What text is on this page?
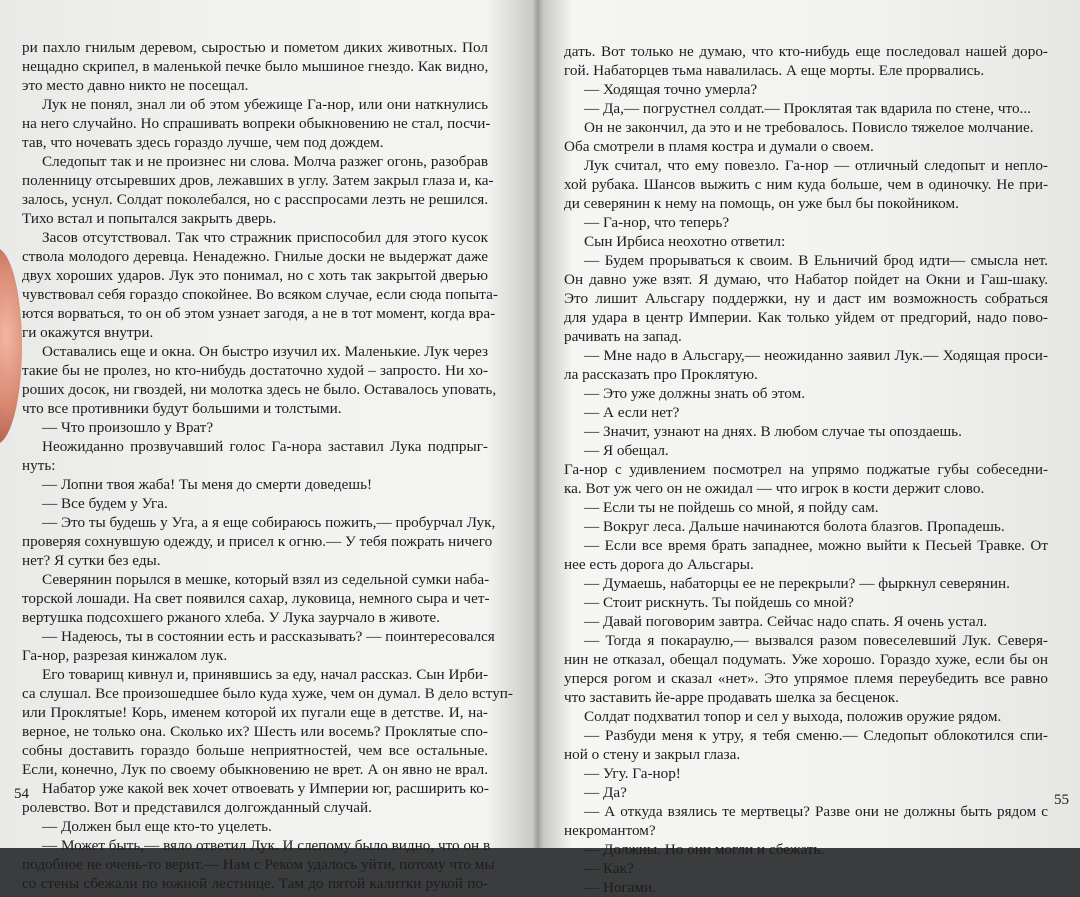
ри пахло гнилым деревом, сыростью и пометом диких животных. Пол
нещадно скрипел, в маленькой печке было мышиное гнездо. Как видно,
это место давно никто не посещал.
Лук не понял, знал ли об этом убежище Га-нор, или они наткнулись
на него случайно. Но спрашивать вопреки обыкновению не стал, посчи-
тав, что ночевать здесь гораздо лучше, чем под дождем.
Следопыт так и не произнес ни слова. Молча разжег огонь, разобрав
поленницу отсыревших дров, лежавших в углу. Затем закрыл глаза и, ка-
залось, уснул. Солдат поколебался, но с расспросами лезть не решился.
Тихо встал и попытался закрыть дверь.
Засов отсутствовал. Так что стражник приспособил для этого кусок
ствола молодого деревца. Ненадежно. Гнилые доски не выдержат даже
двух хороших ударов. Лук это понимал, но с хоть так закрытой дверью
чувствовал себя гораздо спокойнее. Во всяком случае, если сюда попыта-
ются ворваться, то он об этом узнает загодя, а не в тот момент, когда вра-
ги окажутся внутри.
Оставались еще и окна. Он быстро изучил их. Маленькие. Лук через
такие бы не пролез, но кто-нибудь достаточно худой – запросто. Ни хо-
роших досок, ни гвоздей, ни молотка здесь не было. Оставалось уповать,
что все противники будут большими и толстыми.
— Что произошло у Врат?
Неожиданно прозвучавший голос Га-нора заставил Лука подпрыг-
нуть:
— Лопни твоя жаба! Ты меня до смерти доведешь!
— Все будем у Уга.
— Это ты будешь у Уга, а я еще собираюсь пожить,— пробурчал Лук,
проверяя сохнувшую одежду, и присел к огню.— У тебя пожрать ничего
нет? Я сутки без еды.
Северянин порылся в мешке, который взял из седельной сумки наба-
торской лошади. На свет появился сахар, луковица, немного сыра и чет-
вертушка подсохшего ржаного хлеба. У Лука заурчало в животе.
— Надеюсь, ты в состоянии есть и рассказывать? — поинтересовался
Га-нор, разрезая кинжалом лук.
Его товарищ кивнул и, принявшись за еду, начал рассказ. Сын Ирби-
са слушал. Все произошедшее было куда хуже, чем он думал. В дело вступ-
или Проклятые! Корь, именем которой их пугали еще в детстве. И, на-
верное, не только она. Сколько их? Шесть или восемь? Проклятые спо-
собны доставить гораздо больше неприятностей, чем все остальные.
Если, конечно, Лук по своему обыкновению не врет. А он явно не врал.
Набатор уже какой век хочет отвоевать у Империи юг, расширить ко-
ролевство. Вот и представился долгожданный случай.
— Должен был еще кто-то уцелеть.
— Может быть,— вяло ответил Лук. И слепому было видно, что он в
подобное не очень-то верит.— Нам с Реком удалось уйти, потому что мы
со стены сбежали по южной лестнице. Там до пятой калитки рукой по-
54
дать. Вот только не думаю, что кто-нибудь еще последовал нашей доро-
гой. Набаторцев тьма навалилась. А еще морты. Еле прорвались.
— Ходящая точно умерла?
— Да,— погрустнел солдат.— Проклятая так вдарила по стене, что...
Он не закончил, да это и не требовалось. Повисло тяжелое молчание.
Оба смотрели в пламя костра и думали о своем.
Лук считал, что ему повезло. Га-нор — отличный следопыт и непло-
хой рубака. Шансов выжить с ним куда больше, чем в одиночку. Не при-
ди северянин к нему на помощь, он уже был бы покойником.
— Га-нор, что теперь?
Сын Ирбиса неохотно ответил:
— Будем прорываться к своим. В Ельничий брод идти— смысла нет.
Он давно уже взят. Я думаю, что Набатор пойдет на Окни и Гаш-шаку.
Это лишит Альсгару поддержки, ну и даст им возможность собраться
для удара в центр Империи. Как только уйдем от предгорий, надо пово-
рачивать на запад.
— Мне надо в Альсгару,— неожиданно заявил Лук.— Ходящая проси-
ла рассказать про Проклятую.
— Это уже должны знать об этом.
— А если нет?
— Значит, узнают на днях. В любом случае ты опоздаешь.
— Я обещал.
Га-нор с удивлением посмотрел на упрямо поджатые губы собеседни-
ка. Вот уж чего он не ожидал — что игрок в кости держит слово.
— Если ты не пойдешь со мной, я пойду сам.
— Вокруг леса. Дальше начинаются болота блазгов. Пропадешь.
— Если все время брать западнее, можно выйти к Песьей Травке. От
нее есть дорога до Альсгары.
— Думаешь, набаторцы ее не перекрыли? — фыркнул северянин.
— Стоит рискнуть. Ты пойдешь со мной?
— Давай поговорим завтра. Сейчас надо спать. Я очень устал.
— Тогда я покараулю,— вызвался разом повеселевший Лук. Северя-
нин не отказал, обещал подумать. Уже хорошо. Гораздо хуже, если бы он
уперся рогом и сказал «нет». Это упрямое племя переубедить все равно
что заставить йе-арре продавать шелка за бесценок.
Солдат подхватил топор и сел у выхода, положив оружие рядом.
— Разбуди меня к утру, я тебя сменю.— Следопыт облокотился спи-
ной о стену и закрыл глаза.
— Угу. Га-нор!
— Да?
— А откуда взялись те мертвецы? Разве они не должны быть рядом с
некромантом?
— Должны. Но они могли и сбежать.
— Как?
— Ногами.
55
